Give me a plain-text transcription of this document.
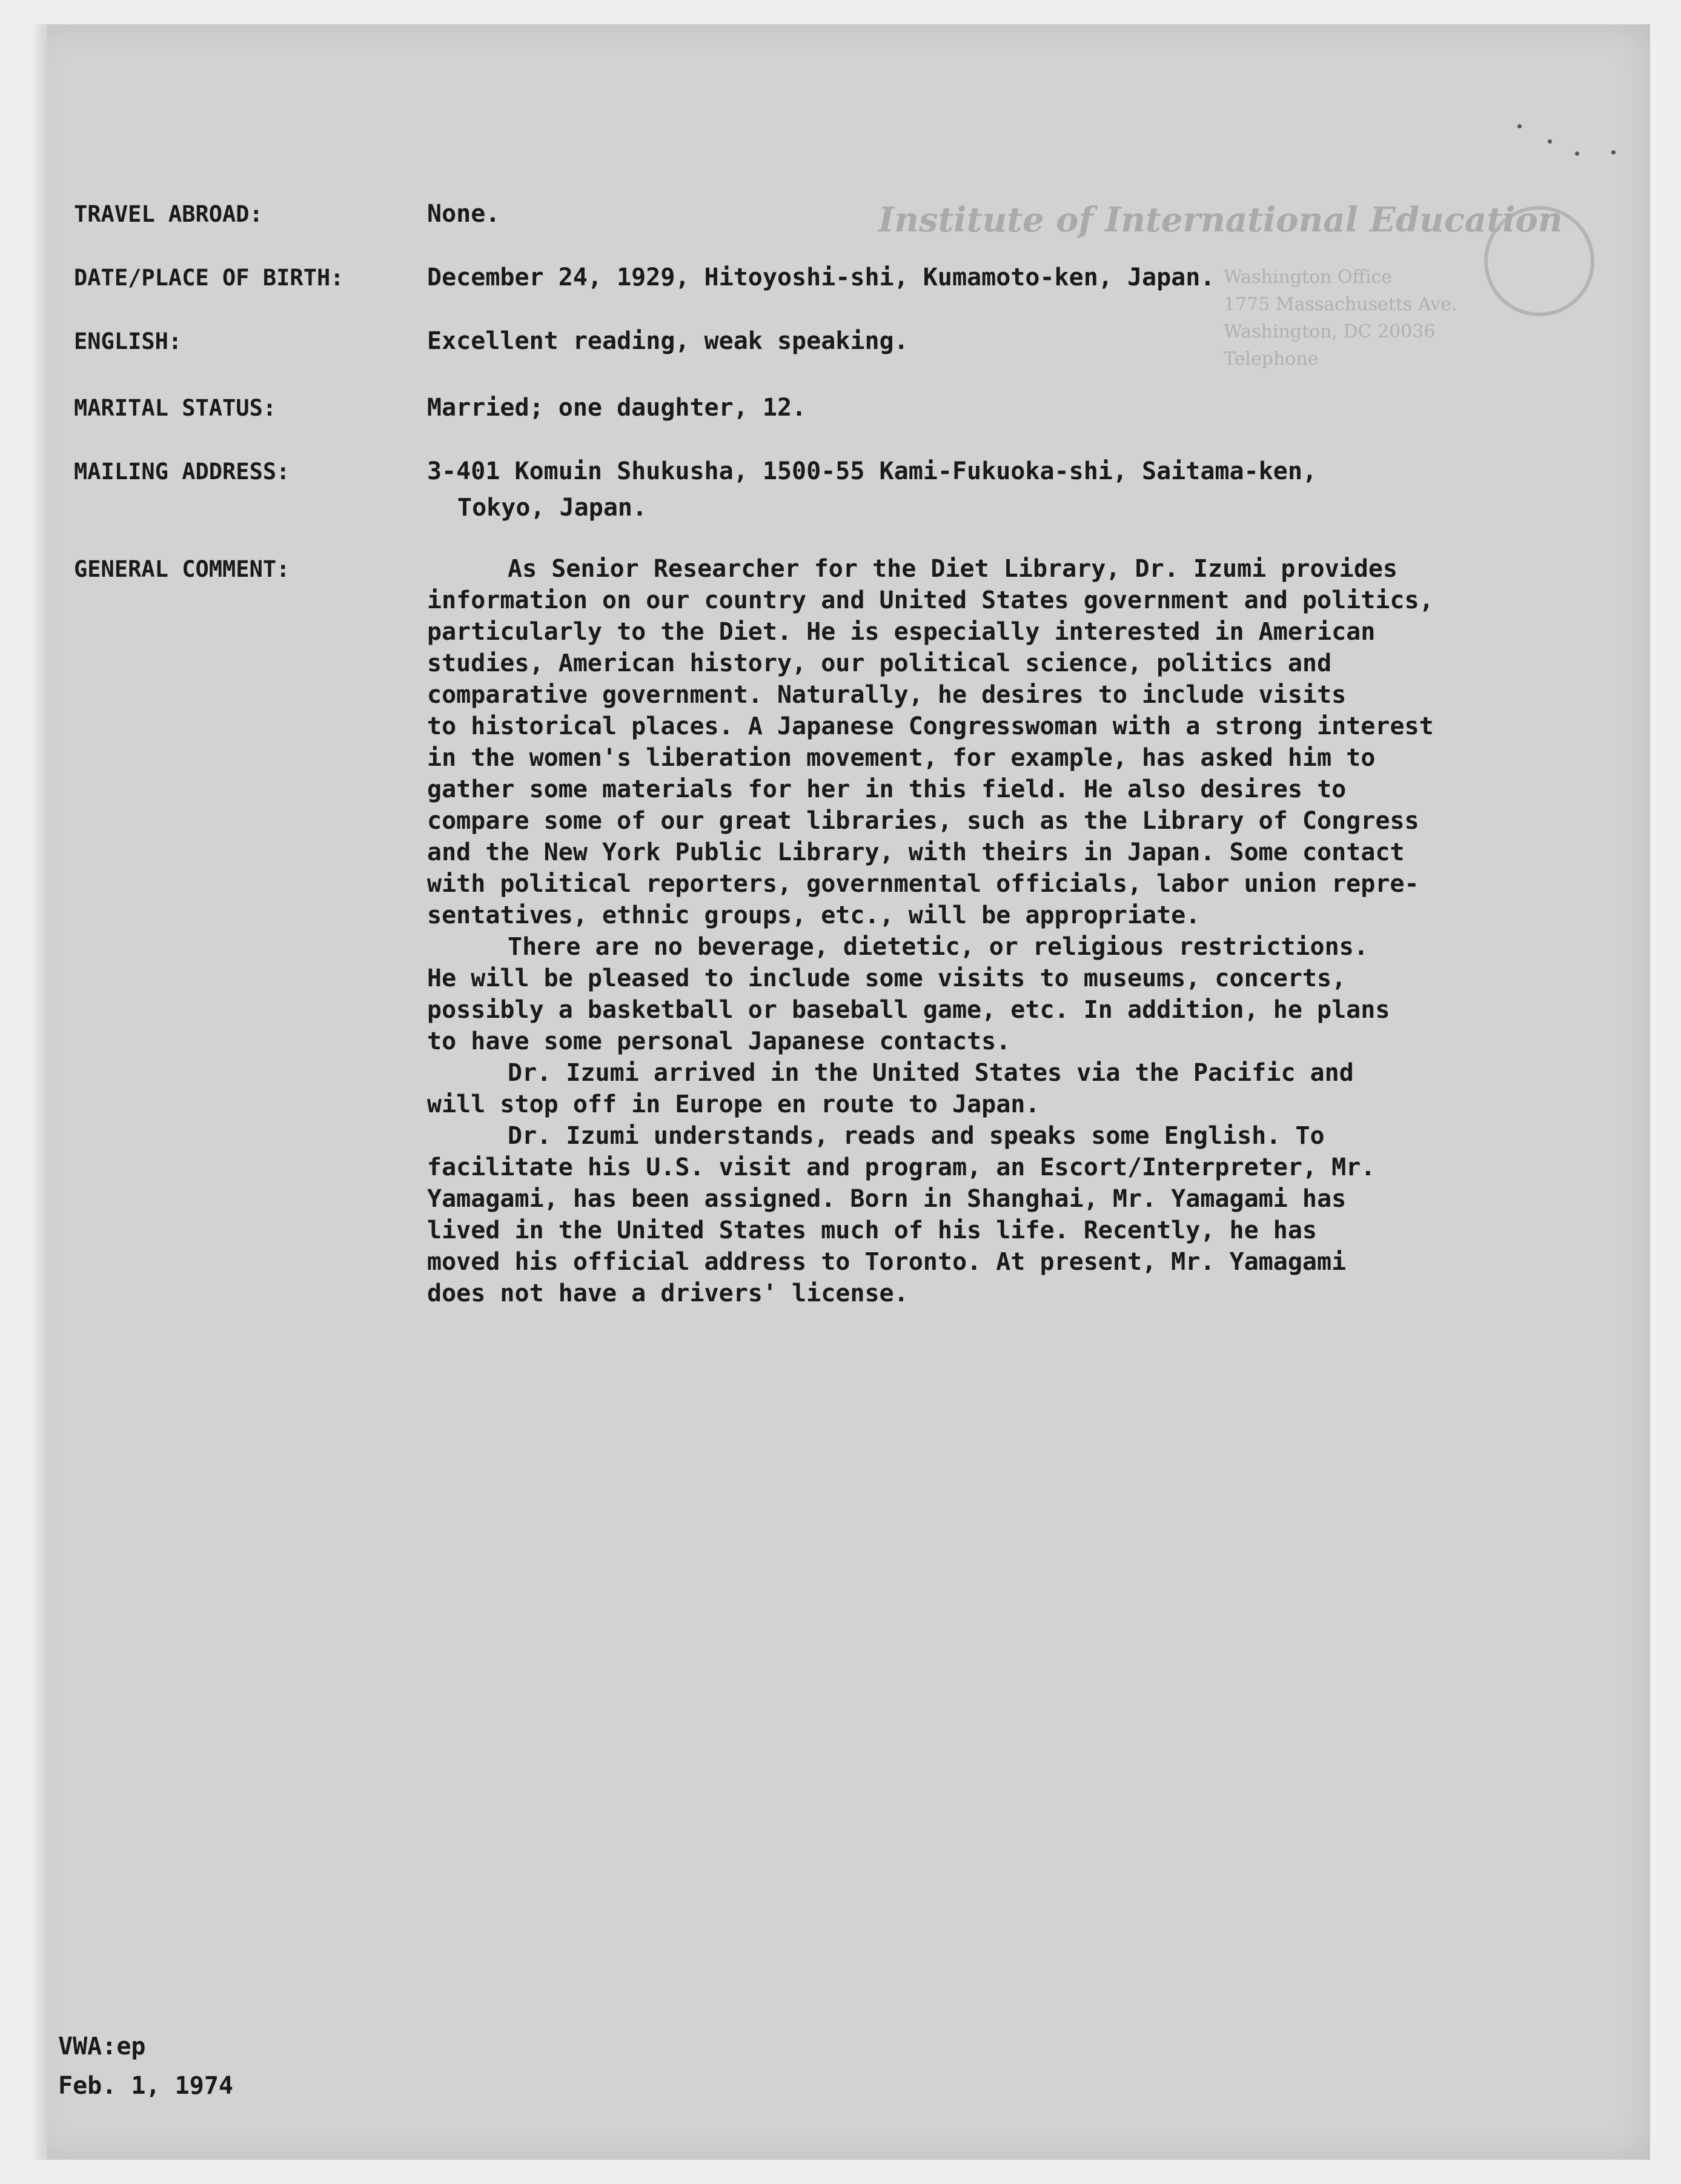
Institute of International Education
Washington Office
1775 Massachusetts Ave.
Washington, DC 20036
Telephone
TRAVEL ABROAD:	None.
DATE/PLACE OF BIRTH:	December 24, 1929, Hitoyoshi-shi, Kumamoto-ken, Japan.
ENGLISH:	Excellent reading, weak speaking.
MARITAL STATUS:	Married; one daughter, 12.
MAILING ADDRESS:	3-401 Komuin Shukusha, 1500-55 Kami-Fukuoka-shi, Saitama-ken,
Tokyo, Japan.
GENERAL COMMENT:	As Senior Researcher for the Diet Library, Dr. Izumi provides
information on our country and United States government and politics,
particularly to the Diet. He is especially interested in American
studies, American history, our political science, politics and
comparative government. Naturally, he desires to include visits
to historical places. A Japanese Congresswoman with a strong interest
in the women's liberation movement, for example, has asked him to
gather some materials for her in this field. He also desires to
compare some of our great libraries, such as the Library of Congress
and the New York Public Library, with theirs in Japan. Some contact
with political reporters, governmental officials, labor union repre-
sentatives, ethnic groups, etc., will be appropriate.
There are no beverage, dietetic, or religious restrictions.
He will be pleased to include some visits to museums, concerts,
possibly a basketball or baseball game, etc. In addition, he plans
to have some personal Japanese contacts.
Dr. Izumi arrived in the United States via the Pacific and
will stop off in Europe en route to Japan.
Dr. Izumi understands, reads and speaks some English. To
facilitate his U.S. visit and program, an Escort/Interpreter, Mr.
Yamagami, has been assigned. Born in Shanghai, Mr. Yamagami has
lived in the United States much of his life. Recently, he has
moved his official address to Toronto. At present, Mr. Yamagami
does not have a drivers' license.
VWA:ep
Feb. 1, 1974
